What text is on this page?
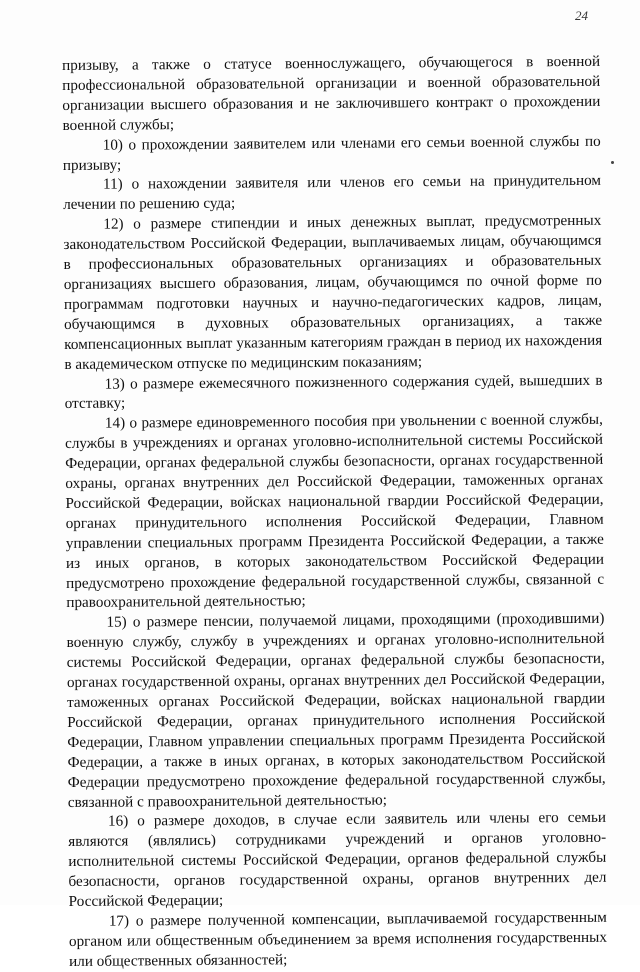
24

призыву, а также о статусе военнослужащего, обучающегося в военной профессиональной образовательной организации и военной образовательной организации высшего образования и не заключившего контракт о прохождении военной службы;

10) о прохождении заявителем или членами его семьи военной службы по призыву;

11) о нахождении заявителя или членов его семьи на принудительном лечении по решению суда;

12) о размере стипендии и иных денежных выплат, предусмотренных законодательством Российской Федерации, выплачиваемых лицам, обучающимся в профессиональных образовательных организациях и образовательных организациях высшего образования, лицам, обучающимся по очной форме по программам подготовки научных и научно-педагогических кадров, лицам, обучающимся в духовных образовательных организациях, а также компенсационных выплат указанным категориям граждан в период их нахождения в академическом отпуске по медицинским показаниям;

13) о размере ежемесячного пожизненного содержания судей, вышедших в отставку;

14) о размере единовременного пособия при увольнении с военной службы, службы в учреждениях и органах уголовно-исполнительной системы Российской Федерации, органах федеральной службы безопасности, органах государственной охраны, органах внутренних дел Российской Федерации, таможенных органах Российской Федерации, войсках национальной гвардии Российской Федерации, органах принудительного исполнения Российской Федерации, Главном управлении специальных программ Президента Российской Федерации, а также из иных органов, в которых законодательством Российской Федерации предусмотрено прохождение федеральной государственной службы, связанной с правоохранительной деятельностью;

15) о размере пенсии, получаемой лицами, проходящими (проходившими) военную службу, службу в учреждениях и органах уголовно-исполнительной системы Российской Федерации, органах федеральной службы безопасности, органах государственной охраны, органах внутренних дел Российской Федерации, таможенных органах Российской Федерации, войсках национальной гвардии Российской Федерации, органах принудительного исполнения Российской Федерации, Главном управлении специальных программ Президента Российской Федерации, а также в иных органах, в которых законодательством Российской Федерации предусмотрено прохождение федеральной государственной службы, связанной с правоохранительной деятельностью;

16) о размере доходов, в случае если заявитель или члены его семьи являются (являлись) сотрудниками учреждений и органов уголовно-исполнительной системы Российской Федерации, органов федеральной службы безопасности, органов государственной охраны, органов внутренних дел Российской Федерации;

17) о размере полученной компенсации, выплачиваемой государственным органом или общественным объединением за время исполнения государственных или общественных обязанностей;
